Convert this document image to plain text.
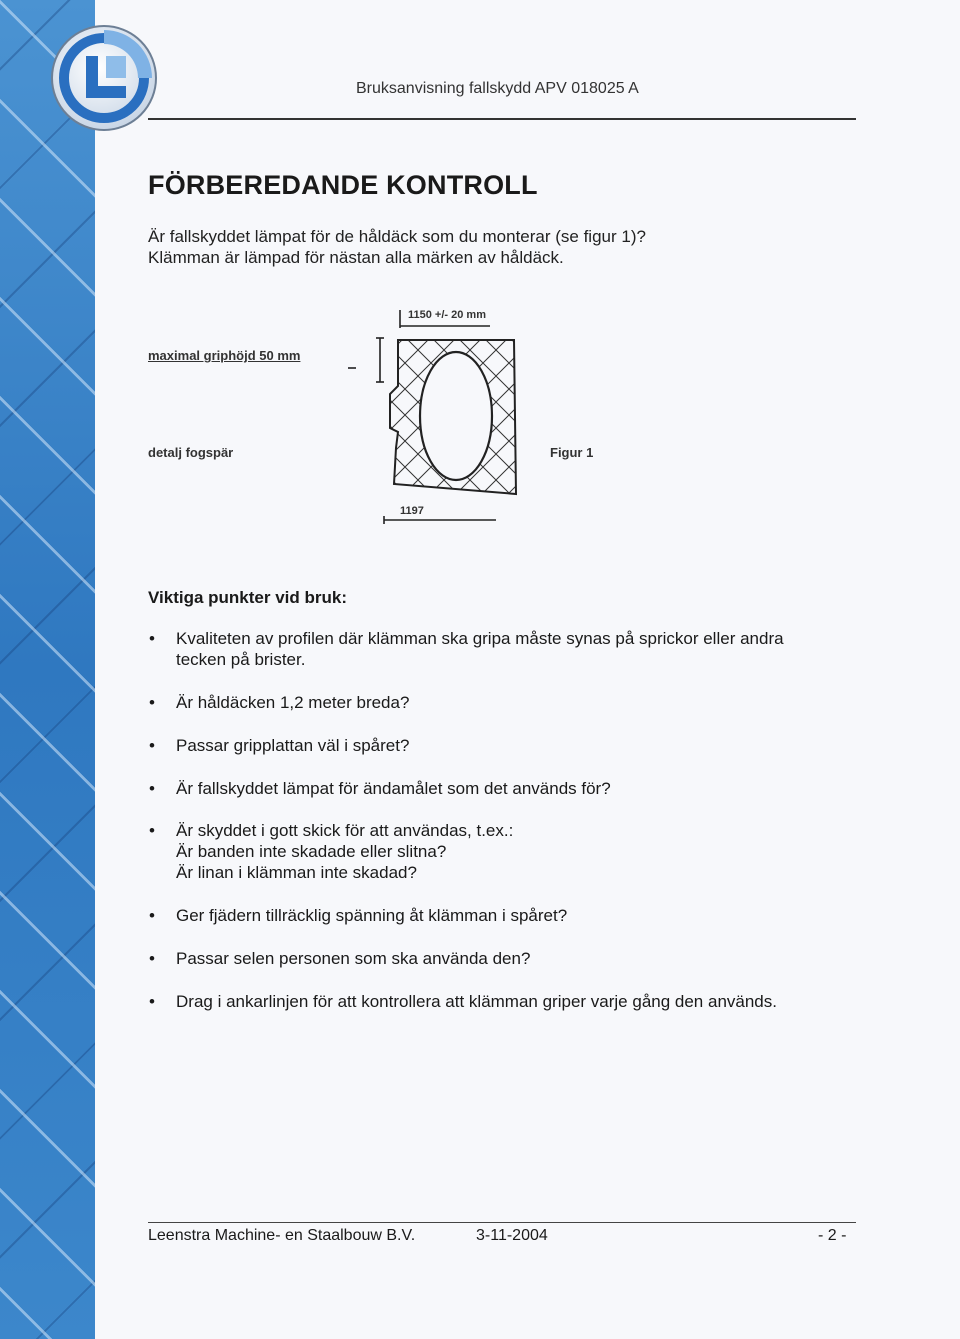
Bruksanvisning fallskydd APV 018025 A
FÖRBEREDANDE KONTROLL
Är fallskyddet lämpat för de håldäck som du monterar (se figur 1)?
Klämman är lämpad för nästan alla märken av håldäck.
maximal griphöjd 50 mm
detalj fogspär
1150 +/- 20 mm
1197
Figur 1
Viktiga punkter vid bruk:
• Kvaliteten av profilen där klämman ska gripa måste synas på sprickor eller andra
tecken på brister.
• Är håldäcken 1,2 meter breda?
• Passar gripplattan väl i spåret?
• Är fallskyddet lämpat för ändamålet som det används för?
• Är skyddet i gott skick för att användas, t.ex.:
Är banden inte skadade eller slitna?
Är linan i klämman inte skadad?
• Ger fjädern tillräcklig spänning åt klämman i spåret?
• Passar selen personen som ska använda den?
• Drag i ankarlinjen för att kontrollera att klämman griper varje gång den används.
Leenstra Machine- en Staalbouw B.V.	3-11-2004	- 2 -
